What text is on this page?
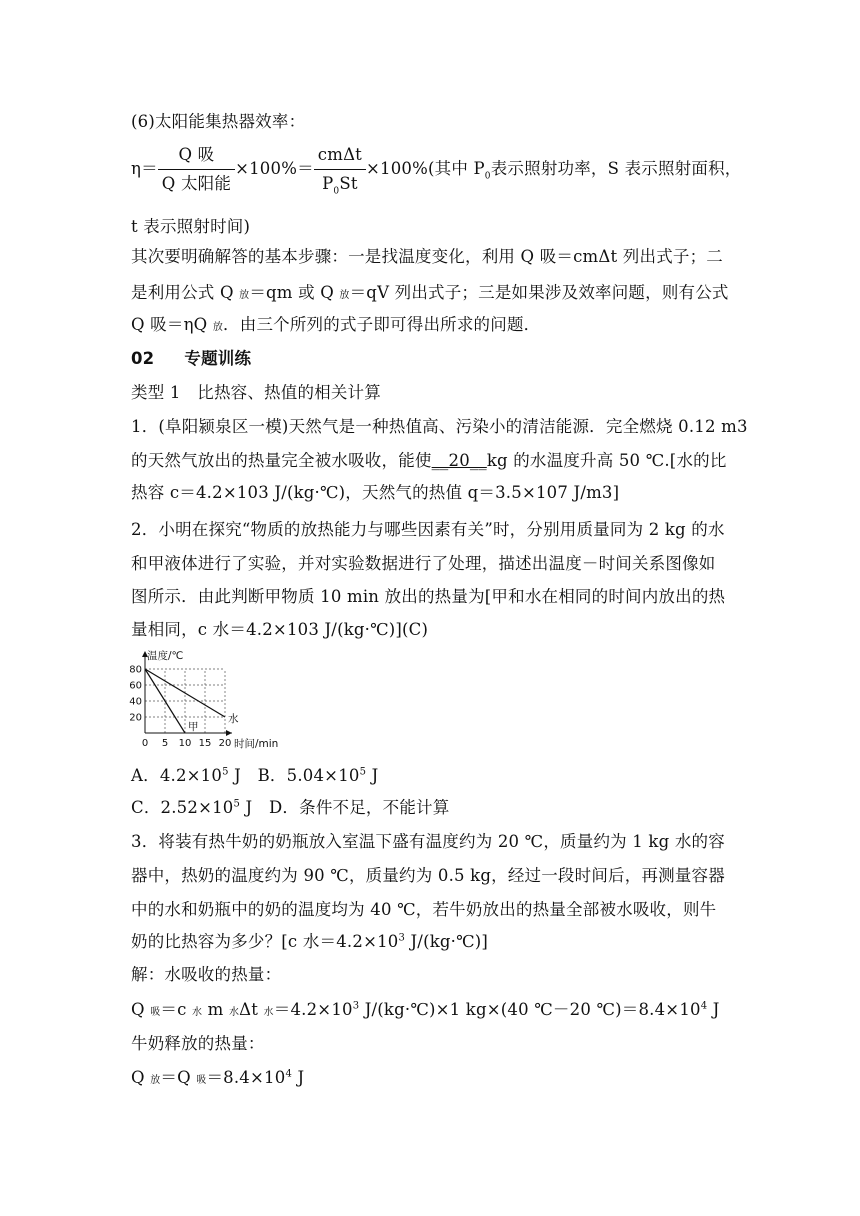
(6)太阳能集热器效率：
$\eta= \frac{\text{Q 吸}}{\text{Q 太阳能}} \times 100\%= \frac{\text{cmΔt}}{P_0St} \times 100\%$(其中 $P_0$表示照射功率，S 表示照射面积，
t 表示照射时间)
其次要明确解答的基本步骤：一是找温度变化，利用 Q 吸＝cmΔt 列出式子；二
是利用公式 Q 放＝qm 或 Q 放＝qV 列出式子；三是如果涉及效率问题，则有公式
Q 吸＝ηQ 放．由三个所列的式子即可得出所求的问题．
02 专题训练
类型 1　比热容、热值的相关计算
1．(阜阳颍泉区一模)天然气是一种热值高、污染小的清洁能源．完全燃烧 0.12 m3
的天然气放出的热量完全被水吸收，能使__20__kg 的水温度升高 50 ℃.[水的比
热容 c＝4.2×103 J/(kg·℃)，天然气的热值 q＝3.5×107 J/m3]
2．小明在探究“物质的放热能力与哪些因素有关”时，分别用质量同为 2 kg 的水
和甲液体进行了实验，并对实验数据进行了处理，描述出温度－时间关系图像如
图所示．由此判断甲物质 10 min 放出的热量为[甲和水在相同的时间内放出的热
量相同，c 水＝4.2×103 J/(kg·℃)](C)
20
40
60
80
0 5 10 15 20
温度/℃
时间/min
甲
水
A．$4.2\times 10^5$ J　B．$5.04\times 10^5$ J
C．$2.52\times 10^5$ J　D．条件不足，不能计算
3．将装有热牛奶的奶瓶放入室温下盛有温度约为 20 ℃，质量约为 1 kg 水的容
器中，热奶的温度约为 90 ℃，质量约为 0.5 kg，经过一段时间后，再测量容器
中的水和奶瓶中的奶的温度均为 40 ℃，若牛奶放出的热量全部被水吸收，则牛
奶的比热容为多少？[c 水$=4.2\times 10^3$ J/(kg·℃)]
解：水吸收的热量：
Q 吸＝c 水 m 水Δt 水$=4.2\times 10^3$ J/(kg·℃)×1 kg×(40 ℃－20 $℃)=8.4\times 10^4$ J
牛奶释放的热量：
Q 放＝Q 吸$=8.4\times 10^4$ J
